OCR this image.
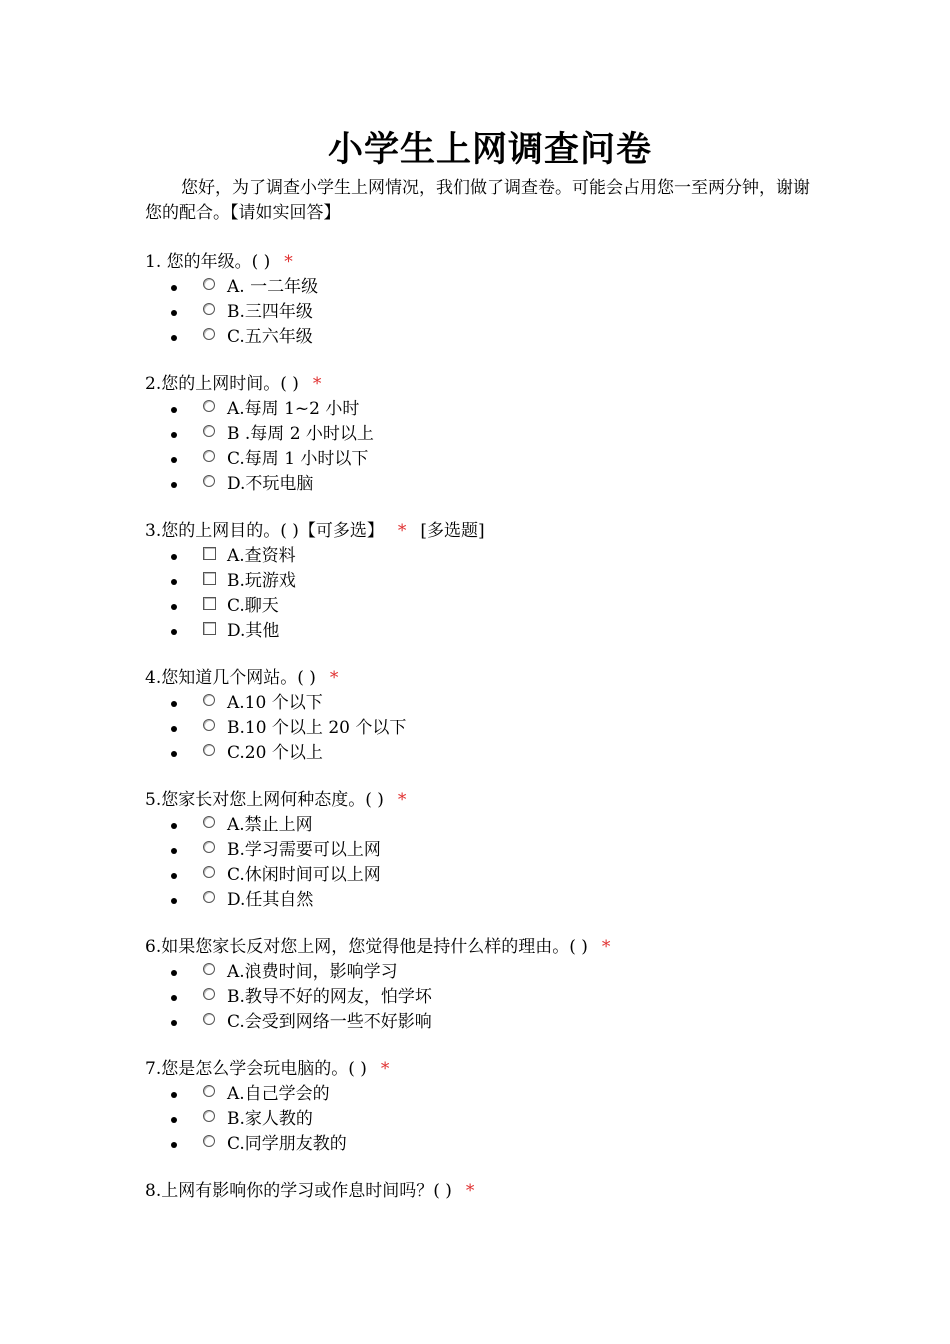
小学生上网调查问卷
您好，为了调查小学生上网情况，我们做了调查卷。可能会占用您一至两分钟，谢谢您的配合。【请如实回答】
1. 您的年级。( ) *
A. 一二年级
B.三四年级
C.五六年级
2.您的上网时间。( ) *
A.每周 1~2 小时
B .每周 2 小时以上
C.每周 1 小时以下
D.不玩电脑
3.您的上网目的。( )【可多选】 * [多选题]
A.查资料
B.玩游戏
C.聊天
D.其他
4.您知道几个网站。( ) *
A.10 个以下
B.10 个以上 20 个以下
C.20 个以上
5.您家长对您上网何种态度。( ) *
A.禁止上网
B.学习需要可以上网
C.休闲时间可以上网
D.任其自然
6.如果您家长反对您上网，您觉得他是持什么样的理由。( ) *
A.浪费时间，影响学习
B.教导不好的网友，怕学坏
C.会受到网络一些不好影响
7.您是怎么学会玩电脑的。( ) *
A.自己学会的
B.家人教的
C.同学朋友教的
8.上网有影响你的学习或作息时间吗？( ) *
